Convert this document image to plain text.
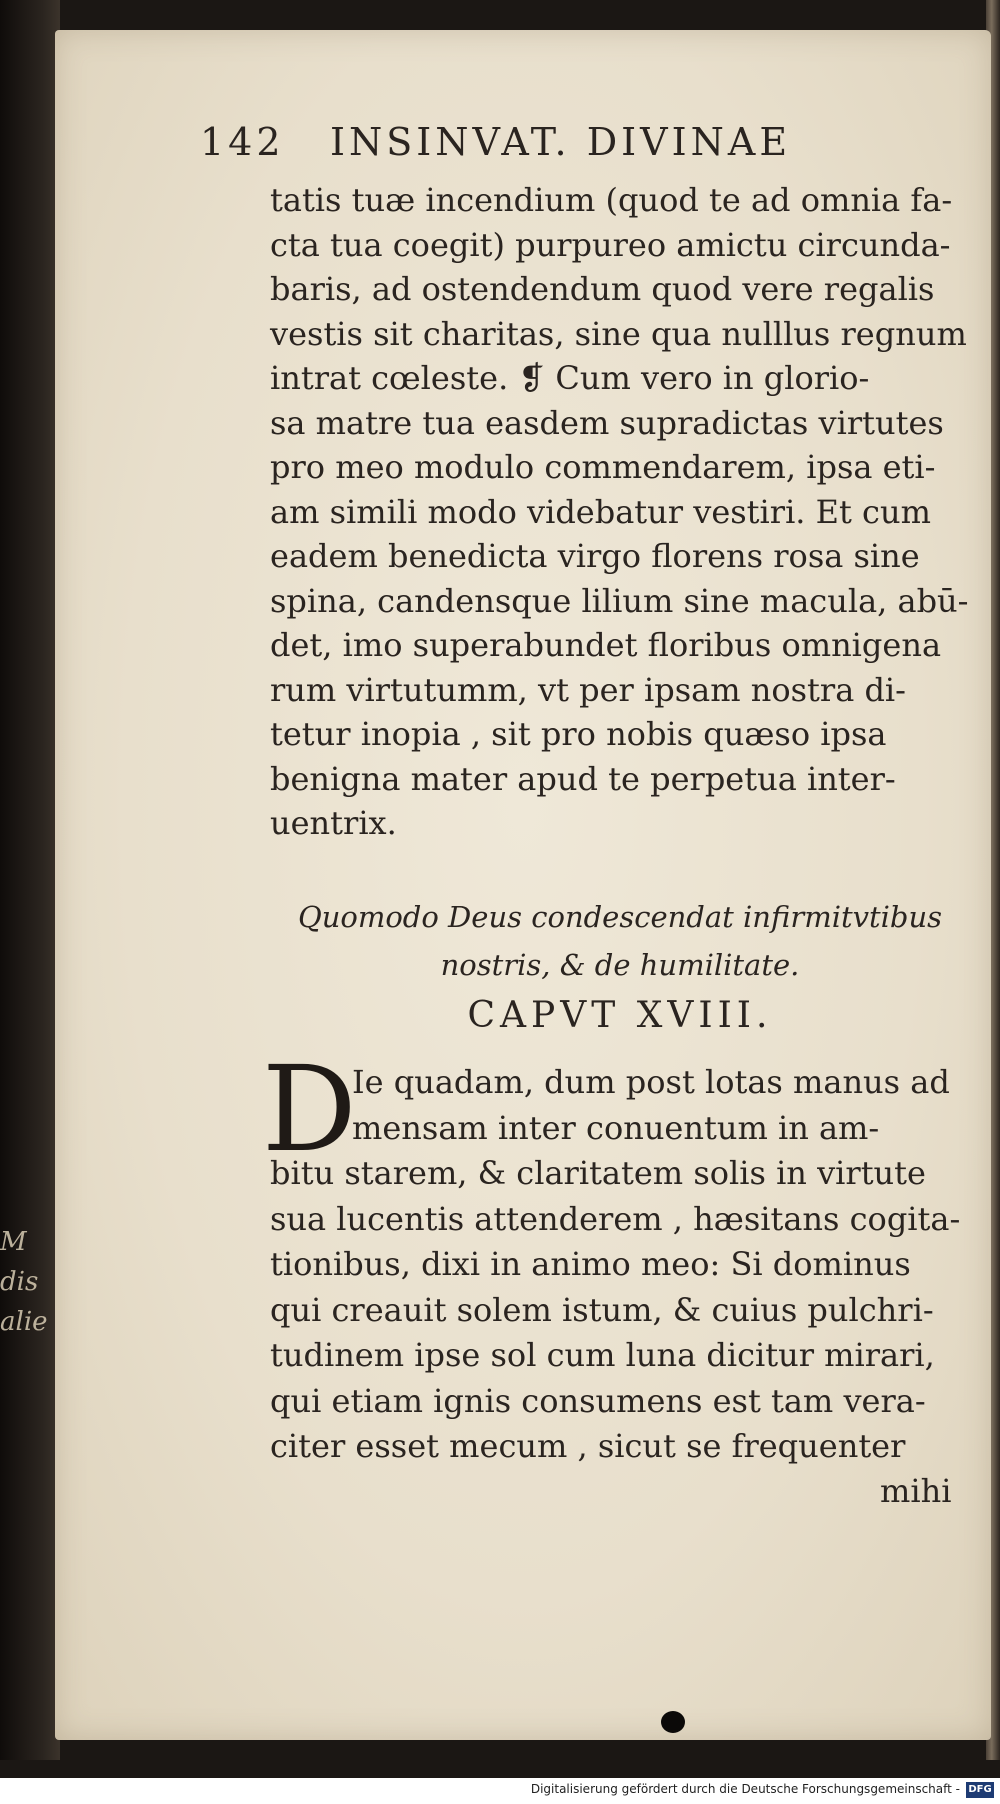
M
dis
alie
142 INSINVAT. DIVINAE
tatis tuæ incendium (quod te ad omnia fa-
cta tua coegit) purpureo amictu circunda-
baris, ad ostendendum quod vere regalis
vestis sit charitas, sine qua nulllus regnum
intrat cœleste. ❡ Cum vero in glorio-
sa matre tua easdem supradictas virtutes
pro meo modulo commendarem, ipsa eti-
am simili modo videbatur vestiri. Et cum
eadem benedicta virgo florens rosa sine
spina, candensque lilium sine macula, abū-
det, imo superabundet floribus omnigena
rum virtutumm, vt per ipsam nostra di-
tetur inopia , sit pro nobis quæso ipsa
benigna mater apud te perpetua inter-
uentrix.
Quomodo Deus condescendat infirmitvtibus
nostris, & de humilitate.
CAPVT XVIII.
D
Ie quadam, dum post lotas manus ad
mensam inter conuentum in am-
bitu starem, & claritatem solis in virtute
sua lucentis attenderem , hæsitans cogita-
tionibus, dixi in animo meo: Si dominus
qui creauit solem istum, & cuius pulchri-
tudinem ipse sol cum luna dicitur mirari,
qui etiam ignis consumens est tam vera-
citer esset mecum , sicut se frequenter
mihi
Digitalisierung gefördert durch die Deutsche Forschungsgemeinschaft - DFG
